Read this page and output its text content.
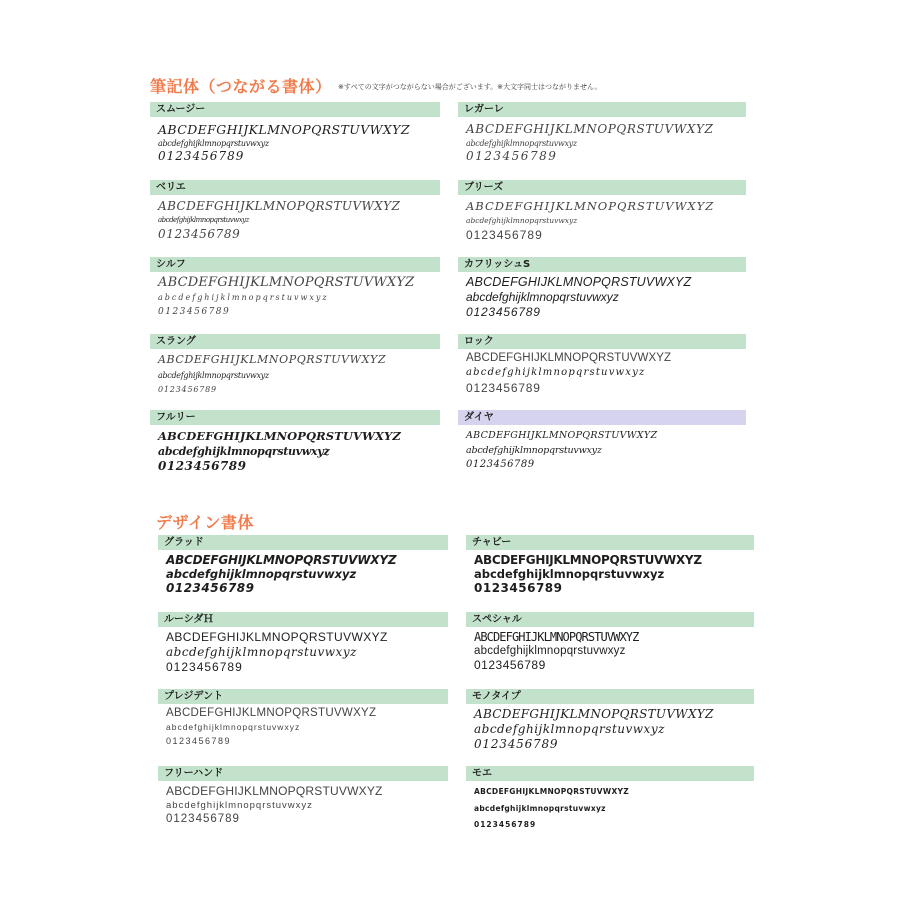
筆記体（つながる書体） ※すべての文字がつながらない場合がございます。※大文字同士はつながりません。
スムージー
ABCDEFGHIJKLMNOPQRSTUVWXYZ
abcdefghijklmnopqrstuvwxyz
0123456789
レガーレ
ABCDEFGHIJKLMNOPQRSTUVWXYZ
abcdefghijklmnopqrstuvwxyz
0123456789
ベリエ
ABCDEFGHIJKLMNOPQRSTUVWXYZ
abcdefghijklmnopqrstuvwxyz
0123456789
ブリーズ
ABCDEFGHIJKLMNOPQRSTUVWXYZ
abcdefghijklmnopqrstuvwxyz
0123456789
シルフ
ABCDEFGHIJKLMNOPQRSTUVWXYZ
abcdefghijklmnopqrstuvwxyz
0123456789
カフリッシュS
ABCDEFGHIJKLMNOPQRSTUVWXYZ
abcdefghijklmnopqrstuvwxyz
0123456789
スラング
ABCDEFGHIJKLMNOPQRSTUVWXYZ
abcdefghijklmnopqrstuvwxyz
0123456789
ロック
ABCDEFGHIJKLMNOPQRSTUVWXYZ
abcdefghijklmnopqrstuvwxyz
0123456789
フルリー
ABCDEFGHIJKLMNOPQRSTUVWXYZ
abcdefghijklmnopqrstuvwxyz
0123456789
ダイヤ
ABCDEFGHIJKLMNOPQRSTUVWXYZ
abcdefghijklmnopqrstuvwxyz
0123456789
デザイン書体
グラッド
ABCDEFGHIJKLMNOPQRSTUVWXYZ
abcdefghijklmnopqrstuvwxyz
0123456789
チャビー
ABCDEFGHIJKLMNOPQRSTUVWXYZ
abcdefghijklmnopqrstuvwxyz
0123456789
ルーシダＨ
ABCDEFGHIJKLMNOPQRSTUVWXYZ
abcdefghijklmnopqrstuvwxyz
0123456789
スペシャル
ABCDEFGHIJKLMNOPQRSTUVWXYZ
abcdefghijklmnopqrstuvwxyz
0123456789
プレジデント
ABCDEFGHIJKLMNOPQRSTUVWXYZ
abcdefghijklmnopqrstuvwxyz
0123456789
モノタイプ
ABCDEFGHIJKLMNOPQRSTUVWXYZ
abcdefghijklmnopqrstuvwxyz
0123456789
フリーハンド
ABCDEFGHIJKLMNOPQRSTUVWXYZ
abcdefghijklmnopqrstuvwxyz
0123456789
モエ
ABCDEFGHIJKLMNOPQRSTUVWXYZ
abcdefghijklmnopqrstuvwxyz
0123456789
